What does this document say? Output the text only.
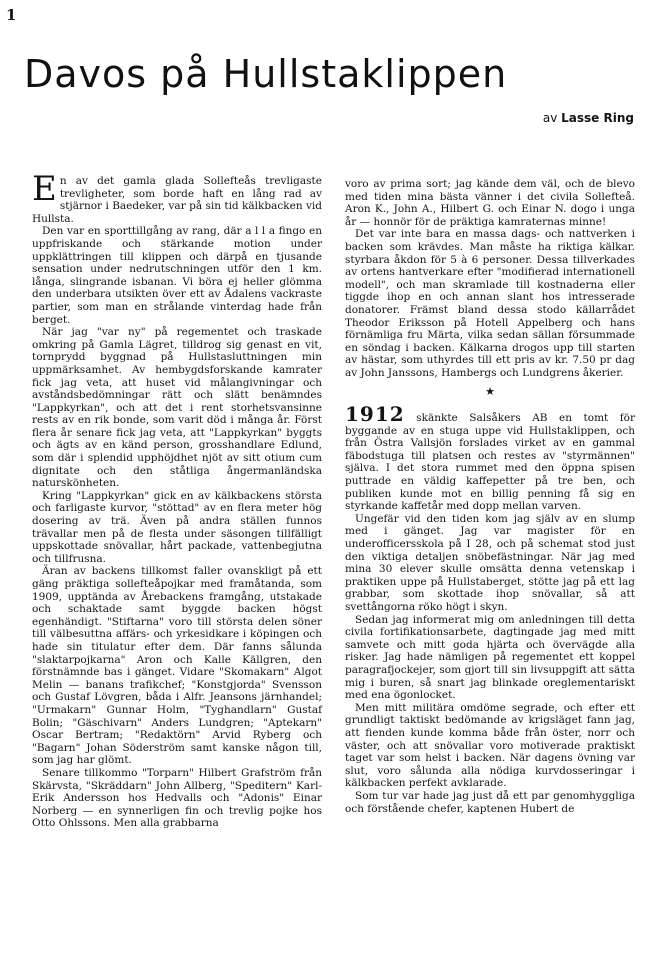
1
Davos på Hullstaklippen
av Lasse Ring

En av det gamla glada Sollefteås trevligaste trevligheter, som borde haft en lång rad av stjärnor i Baedeker, var på sin tid kälkbacken vid Hullsta.

Den var en sporttillgång av rang, där a l l a fingo en uppfriskande och stärkande motion under uppklättringen till klippen och därpå en tjusande sensation under nedrutschningen utför den 1 km. långa, slingrande isbanan. Vi böra ej heller glömma den underbara utsikten över ett av Ådalens vackraste partier, som man en strålande vinterdag hade från berget.

När jag "var ny" på regementet och traskade omkring på Gamla Lägret, tilldrog sig genast en vit, tornprydd byggnad på Hullstasluttningen min uppmärksamhet. Av hembygdsforskande kamrater fick jag veta, att huset vid målangivningar och avståndsbedömningar rätt och slätt benämndes "Lappkyrkan", och att det i rent storhetsvansinne rests av en rik bonde, som varit död i många år. Först flera år senare fick jag veta, att "Lappkyrkan" byggts och ägts av en känd person, grosshandlare Edlund, som där i splendid upphöjdhet njöt av sitt otium cum dignitate och den ståtliga ångermanländska naturskönheten.

Kring "Lappkyrkan" gick en av kälkbackens största och farligaste kurvor, "stöttad" av en flera meter hög dosering av trä. Även på andra ställen funnos trävallar men på de flesta under säsongen tillfälligt uppskottade snövallar, hårt packade, vattenbegjutna och tillfrusna.

Äran av backens tillkomst faller ovanskligt på ett gäng präktiga sollefteåpojkar med framåtanda, som 1909, upptända av Årebackens framgång, utstakade och schaktade samt byggde backen högst egenhändigt. "Stiftarna" voro till största delen söner till välbesuttna affärs- och yrkesidkare i köpingen och hade sin titulatur efter dem. Där fanns sålunda "slaktarpojkarna" Aron och Kalle Källgren, den förstnämnde bas i gänget. Vidare "Skomakarn" Algot Melin — banans trafikchef; "Konstgjorda" Svensson och Gustaf Lövgren, båda i Alfr. Jeansons järnhandel; "Urmakarn" Gunnar Holm, "Tyghandlarn" Gustaf Bolin; "Gäschivarn" Anders Lundgren; "Aptekarn" Oscar Bertram; "Redaktörn" Arvid Ryberg och "Bagarn" Johan Söderström samt kanske någon till, som jag har glömt.

Senare tillkommo "Torparn" Hilbert Grafström från Skärvsta, "Skräddarn" John Allberg, "Speditern" Karl-Erik Andersson hos Hedvalls och "Adonis" Einar Norberg — en synnerligen fin och trevlig pojke hos Otto Ohlssons. Men alla grabbarna

voro av prima sort; jag kände dem väl, och de blevo med tiden mina bästa vänner i det civila Sollefteå. Aron K., John A., Hilbert G. och Einar N. dogo i unga år — honnör för de präktiga kamraternas minne!

Det var inte bara en massa dags- och nattverken i backen som krävdes. Man måste ha riktiga kälkar. styrbara åkdon för 5 à 6 personer. Dessa tillverkades av ortens hantverkare efter "modifierad internationell modell", och man skramlade till kostnaderna eller tiggde ihop en och annan slant hos intresserade donatorer. Främst bland dessa stodo källarrådet Theodor Eriksson på Hotell Appelberg och hans förnämliga fru Märta, vilka sedan sällan försummade en söndag i backen. Kälkarna drogos upp till starten av hästar, som uthyrdes till ett pris av kr. 7.50 pr dag av John Janssons, Hambergs och Lundgrens åkerier.

★

1912 skänkte Salsåkers AB en tomt för byggande av en stuga uppe vid Hullstaklippen, och från Östra Vallsjön forslades virket av en gammal fäbodstuga till platsen och restes av "styrmännen" själva. I det stora rummet med den öppna spisen puttrade en väldig kaffepetter på tre ben, och publiken kunde mot en billig penning få sig en styrkande kaffetår med dopp mellan varven.

Ungefär vid den tiden kom jag själv av en slump med i gänget. Jag var magister för en underofficersskola på I 28, och på schemat stod just den viktiga detaljen snöbefästningar. När jag med mina 30 elever skulle omsätta denna vetenskap i praktiken uppe på Hullstaberget, stötte jag på ett lag grabbar, som skottade ihop snövallar, så att svettångorna röko högt i skyn.

Sedan jag informerat mig om anledningen till detta civila fortifikationsarbete, dagtingade jag med mitt samvete och mitt goda hjärta och övervägde alla risker. Jag hade nämligen på regementet ett koppel paragrafjockejer, som gjort till sin livsuppgift att sätta mig i buren, så snart jag blinkade oreglementariskt med ena ögonlocket.

Men mitt militära omdöme segrade, och efter ett grundligt taktiskt bedömande av krigsläget fann jag, att fienden kunde komma både från öster, norr och väster, och att snövallar voro motiverade praktiskt taget var som helst i backen. När dagens övning var slut, voro sålunda alla nödiga kurvdosseringar i kälkbacken perfekt avklarade.

Som tur var hade jag just då ett par genomhyggliga och förstående chefer, kaptenen Hubert de
